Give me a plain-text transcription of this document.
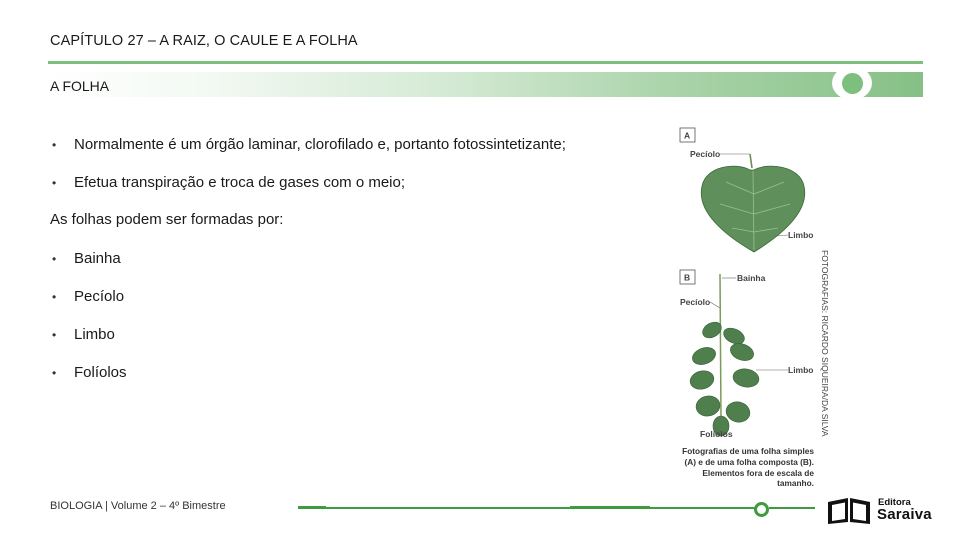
CAPÍTULO 27 – A RAIZ, O CAULE E A FOLHA
A FOLHA
•	Normalmente é um órgão laminar, clorofilado e, portanto fotossintetizante;
•	Efetua transpiração e troca de gases com o meio;
As folhas podem ser formadas por:
•	Bainha
•	Pecíolo
•	Limbo
•	Folíolos
A
Pecíolo
Limbo
FOTOGRAFIAS: RICARDO SIQUEIRA/DA SILVA
B	Bainha
Pecíolo
Limbo
Folíolos
Fotografias de uma folha simples
(A) e de uma folha composta (B).
Elementos fora de escala de
tamanho.
BIOLOGIA | Volume 2 – 4º Bimestre	Editora
Saraiva
